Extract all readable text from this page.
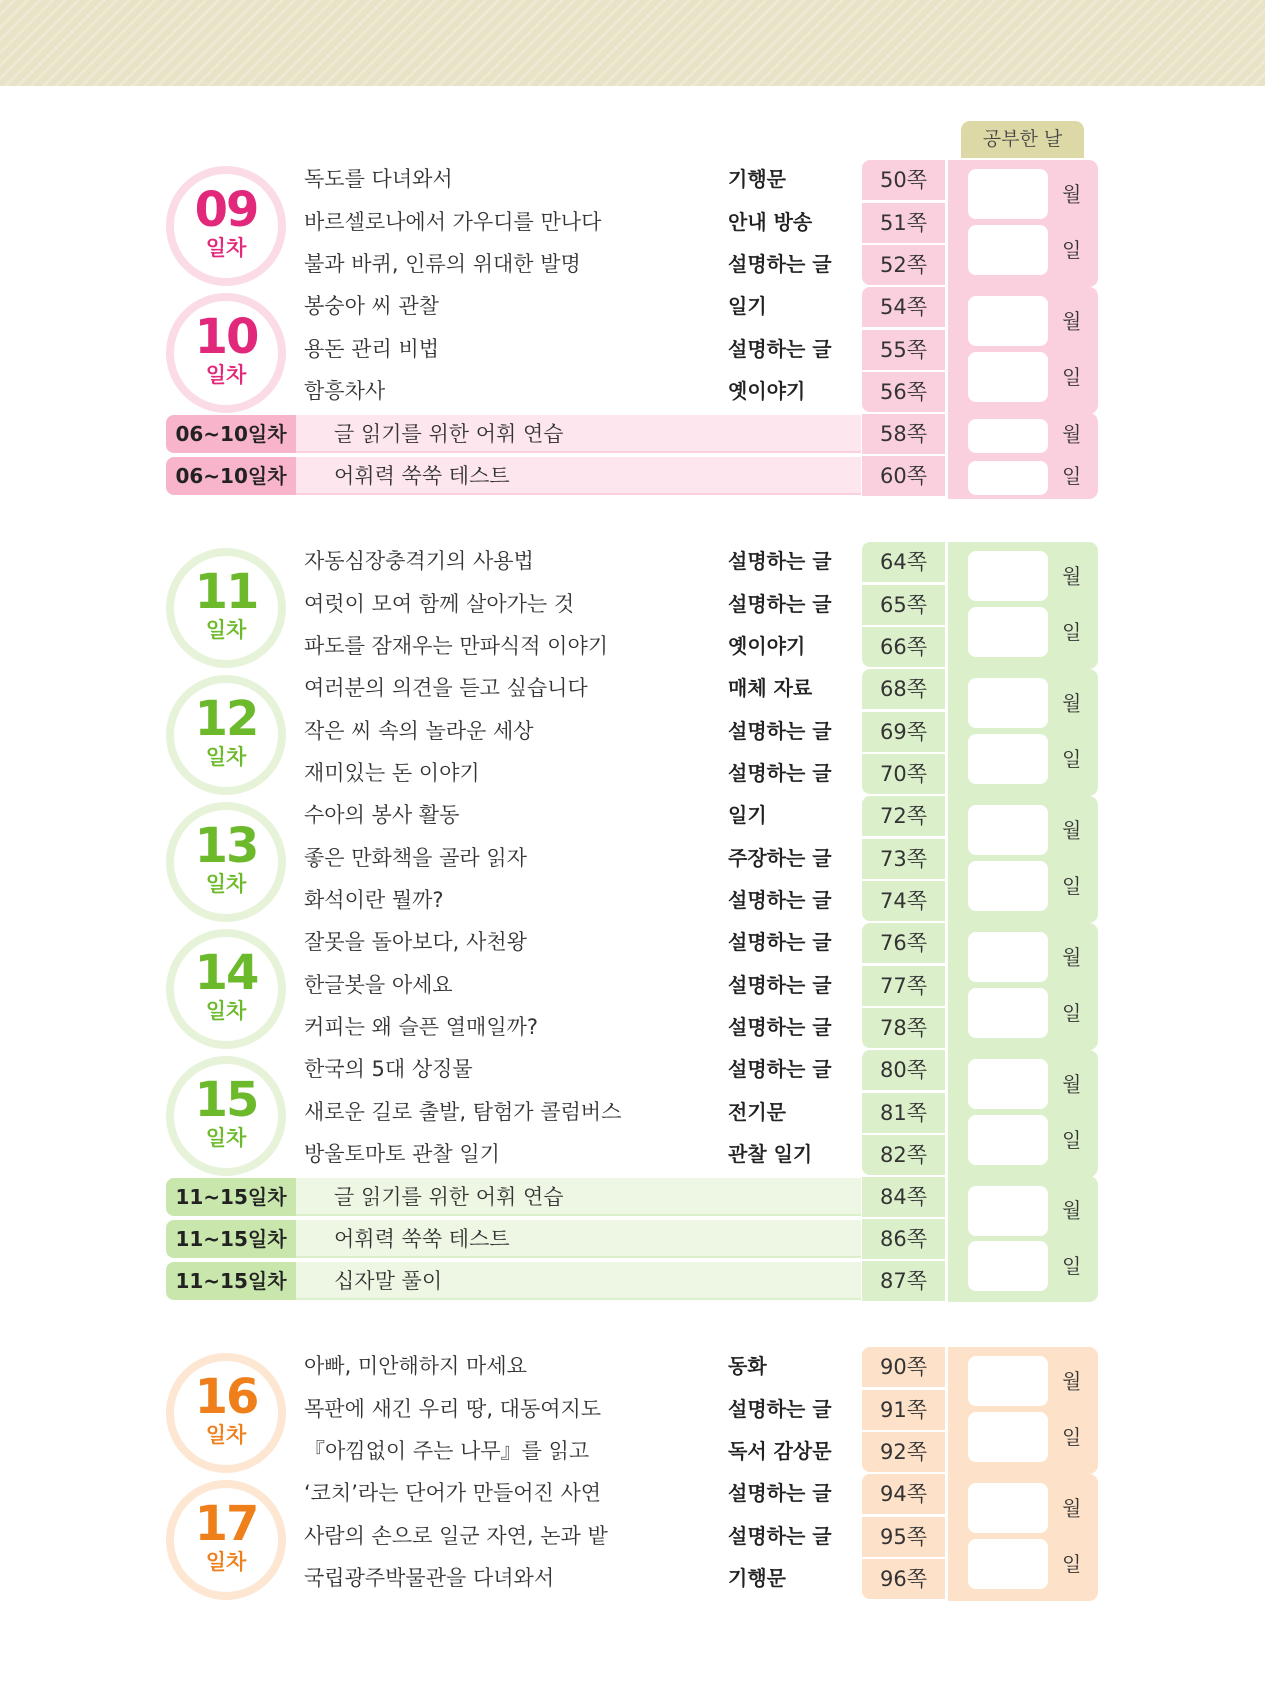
공부한 날
09
일차
월
일
독도를 다녀와서	기행문	50쪽
바르셀로나에서 가우디를 만나다	안내 방송	51쪽
불과 바퀴, 인류의 위대한 발명	설명하는 글	52쪽
10
일차
월
일
봉숭아 씨 관찰	일기	54쪽
용돈 관리 비법	설명하는 글	55쪽
함흥차사	옛이야기	56쪽
11
일차
월
일
자동심장충격기의 사용법	설명하는 글	64쪽
여럿이 모여 함께 살아가는 것	설명하는 글	65쪽
파도를 잠재우는 만파식적 이야기	옛이야기	66쪽
12
일차
월
일
여러분의 의견을 듣고 싶습니다	매체 자료	68쪽
작은 씨 속의 놀라운 세상	설명하는 글	69쪽
재미있는 돈 이야기	설명하는 글	70쪽
13
일차
월
일
수아의 봉사 활동	일기	72쪽
좋은 만화책을 골라 읽자	주장하는 글	73쪽
화석이란 뭘까?	설명하는 글	74쪽
14
일차
월
일
잘못을 돌아보다, 사천왕	설명하는 글	76쪽
한글봇을 아세요	설명하는 글	77쪽
커피는 왜 슬픈 열매일까?	설명하는 글	78쪽
15
일차
월
일
한국의 5대 상징물	설명하는 글	80쪽
새로운 길로 출발, 탐험가 콜럼버스	전기문	81쪽
방울토마토 관찰 일기	관찰 일기	82쪽
16
일차
월
일
아빠, 미안해하지 마세요	동화	90쪽
목판에 새긴 우리 땅, 대동여지도	설명하는 글	91쪽
『아낌없이 주는 나무』를 읽고	독서 감상문	92쪽
17
일차
월
일
‘코치’라는 단어가 만들어진 사연	설명하는 글	94쪽
사람의 손으로 일군 자연, 논과 밭	설명하는 글	95쪽
국립광주박물관을 다녀와서	기행문	96쪽
06~10일차	글 읽기를 위한 어휘 연습	58쪽
06~10일차	어휘력 쑥쑥 테스트	60쪽
11~15일차	글 읽기를 위한 어휘 연습	84쪽
11~15일차	어휘력 쑥쑥 테스트	86쪽
11~15일차	십자말 풀이	87쪽
월
일
월
일
